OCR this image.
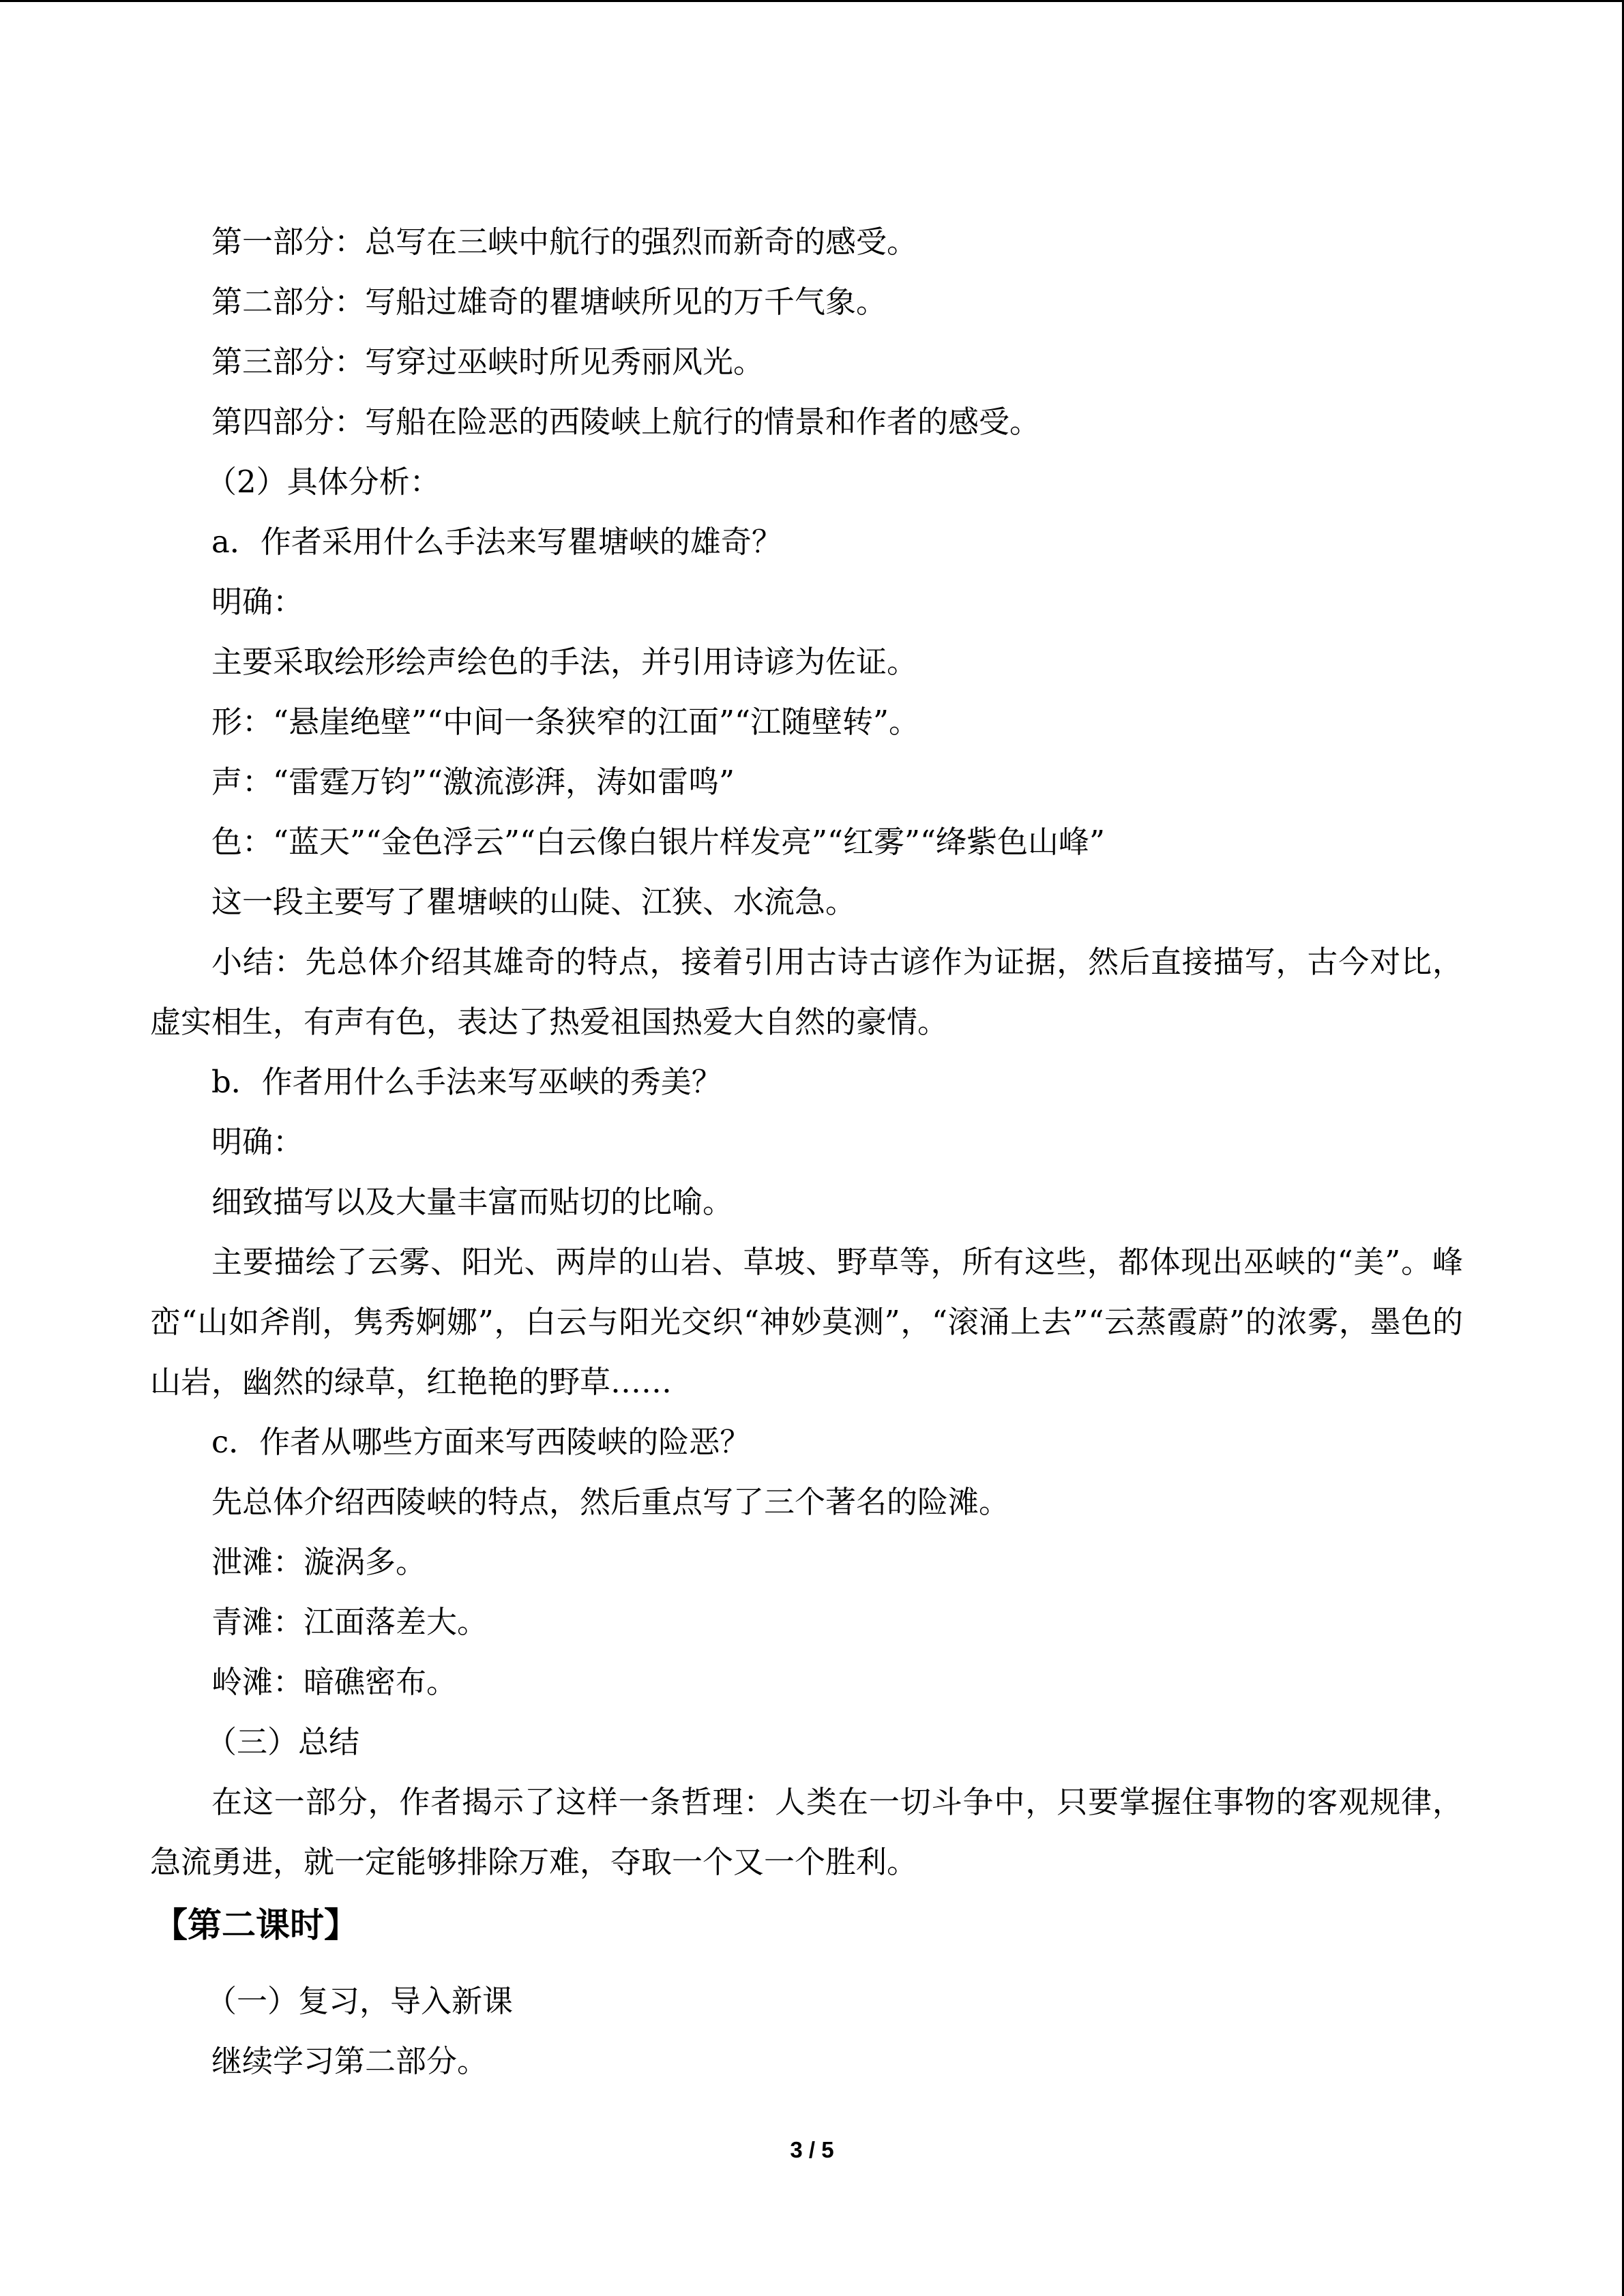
第一部分：总写在三峡中航行的强烈而新奇的感受。

第二部分：写船过雄奇的瞿塘峡所见的万千气象。

第三部分：写穿过巫峡时所见秀丽风光。

第四部分：写船在险恶的西陵峡上航行的情景和作者的感受。

（2）具体分析：

a．作者采用什么手法来写瞿塘峡的雄奇？

明确：

主要采取绘形绘声绘色的手法，并引用诗谚为佐证。

形：“悬崖绝壁”“中间一条狭窄的江面”“江随壁转”。

声：“雷霆万钧”“激流澎湃，涛如雷鸣”

色：“蓝天”“金色浮云”“白云像白银片样发亮”“红雾”“绛紫色山峰”

这一段主要写了瞿塘峡的山陡、江狭、水流急。

小结：先总体介绍其雄奇的特点，接着引用古诗古谚作为证据，然后直接描写，古今对比，虚实相生，有声有色，表达了热爱祖国热爱大自然的豪情。

b．作者用什么手法来写巫峡的秀美？

明确：

细致描写以及大量丰富而贴切的比喻。

主要描绘了云雾、阳光、两岸的山岩、草坡、野草等，所有这些，都体现出巫峡的“美”。峰峦“山如斧削，隽秀婀娜”，白云与阳光交织“神妙莫测”，“滚涌上去”“云蒸霞蔚”的浓雾，墨色的山岩，幽然的绿草，红艳艳的野草……

c．作者从哪些方面来写西陵峡的险恶？

先总体介绍西陵峡的特点，然后重点写了三个著名的险滩。

泄滩：漩涡多。

青滩：江面落差大。

岭滩：暗礁密布。

（三）总结

在这一部分，作者揭示了这样一条哲理：人类在一切斗争中，只要掌握住事物的客观规律，急流勇进，就一定能够排除万难，夺取一个又一个胜利。

【第二课时】

（一）复习，导入新课

继续学习第二部分。

3 / 5
